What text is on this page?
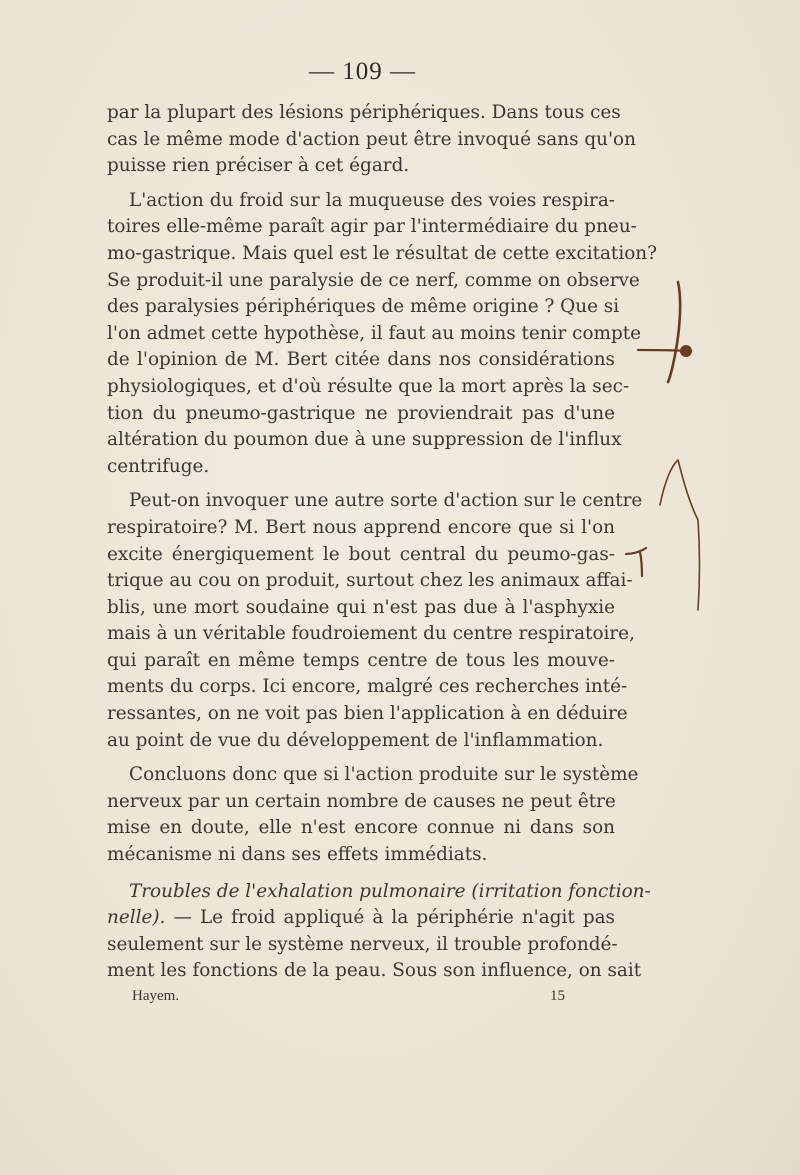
— 109 —
par la plupart des lésions périphériques. Dans tous ces
cas le même mode d'action peut être invoqué sans qu'on
puisse rien préciser à cet égard.
L'action du froid sur la muqueuse des voies respira-
toires elle-même paraît agir par l'intermédiaire du pneu-
mo-gastrique. Mais quel est le résultat de cette excitation?
Se produit-il une paralysie de ce nerf, comme on observe
des paralysies périphériques de même origine ? Que si
l'on admet cette hypothèse, il faut au moins tenir compte
de l'opinion de M. Bert citée dans nos considérations
physiologiques, et d'où résulte que la mort après la sec-
tion du pneumo-gastrique ne proviendrait pas d'une
altération du poumon due à une suppression de l'influx
centrifuge.
Peut-on invoquer une autre sorte d'action sur le centre
respiratoire? M. Bert nous apprend encore que si l'on
excite énergiquement le bout central du peumo-gas-
trique au cou on produit, surtout chez les animaux affai-
blis, une mort soudaine qui n'est pas due à l'asphyxie
mais à un véritable foudroiement du centre respiratoire,
qui paraît en même temps centre de tous les mouve-
ments du corps. Ici encore, malgré ces recherches inté-
ressantes, on ne voit pas bien l'application à en déduire
au point de vue du développement de l'inflammation.
Concluons donc que si l'action produite sur le système
nerveux par un certain nombre de causes ne peut être
mise en doute, elle n'est encore connue ni dans son
mécanisme ni dans ses effets immédiats.
Troubles de l'exhalation pulmonaire (irritation fonction-
nelle). — Le froid appliqué à la périphérie n'agit pas
seulement sur le système nerveux, il trouble profondé-
ment les fonctions de la peau. Sous son influence, on sait
Hayem.	15
